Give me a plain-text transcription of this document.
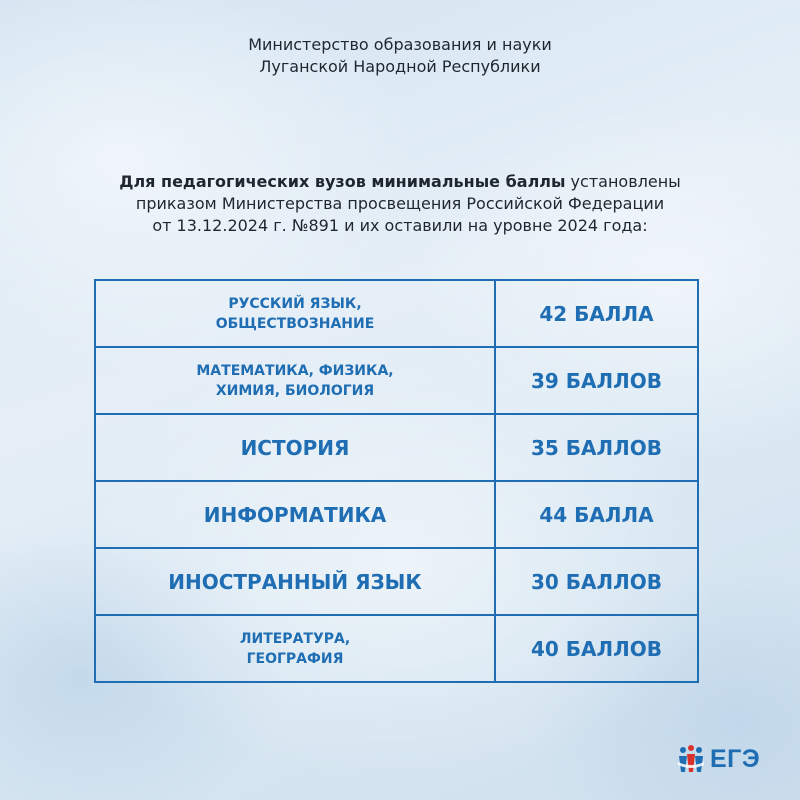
Министерство образования и науки
Луганской Народной Республики
Для педагогических вузов минимальные баллы установлены
приказом Министерства просвещения Российской Федерации
от 13.12.2024 г. №891 и их оставили на уровне 2024 года:
РУССКИЙ ЯЗЫК,
ОБЩЕСТВОЗНАНИЕ	42 БАЛЛА
МАТЕМАТИКА, ФИЗИКА,
ХИМИЯ, БИОЛОГИЯ	39 БАЛЛОВ
ИСТОРИЯ	35 БАЛЛОВ
ИНФОРМАТИКА	44 БАЛЛА
ИНОСТРАННЫЙ ЯЗЫК	30 БАЛЛОВ
ЛИТЕРАТУРА,
ГЕОГРАФИЯ	40 БАЛЛОВ
ЕГЭ
